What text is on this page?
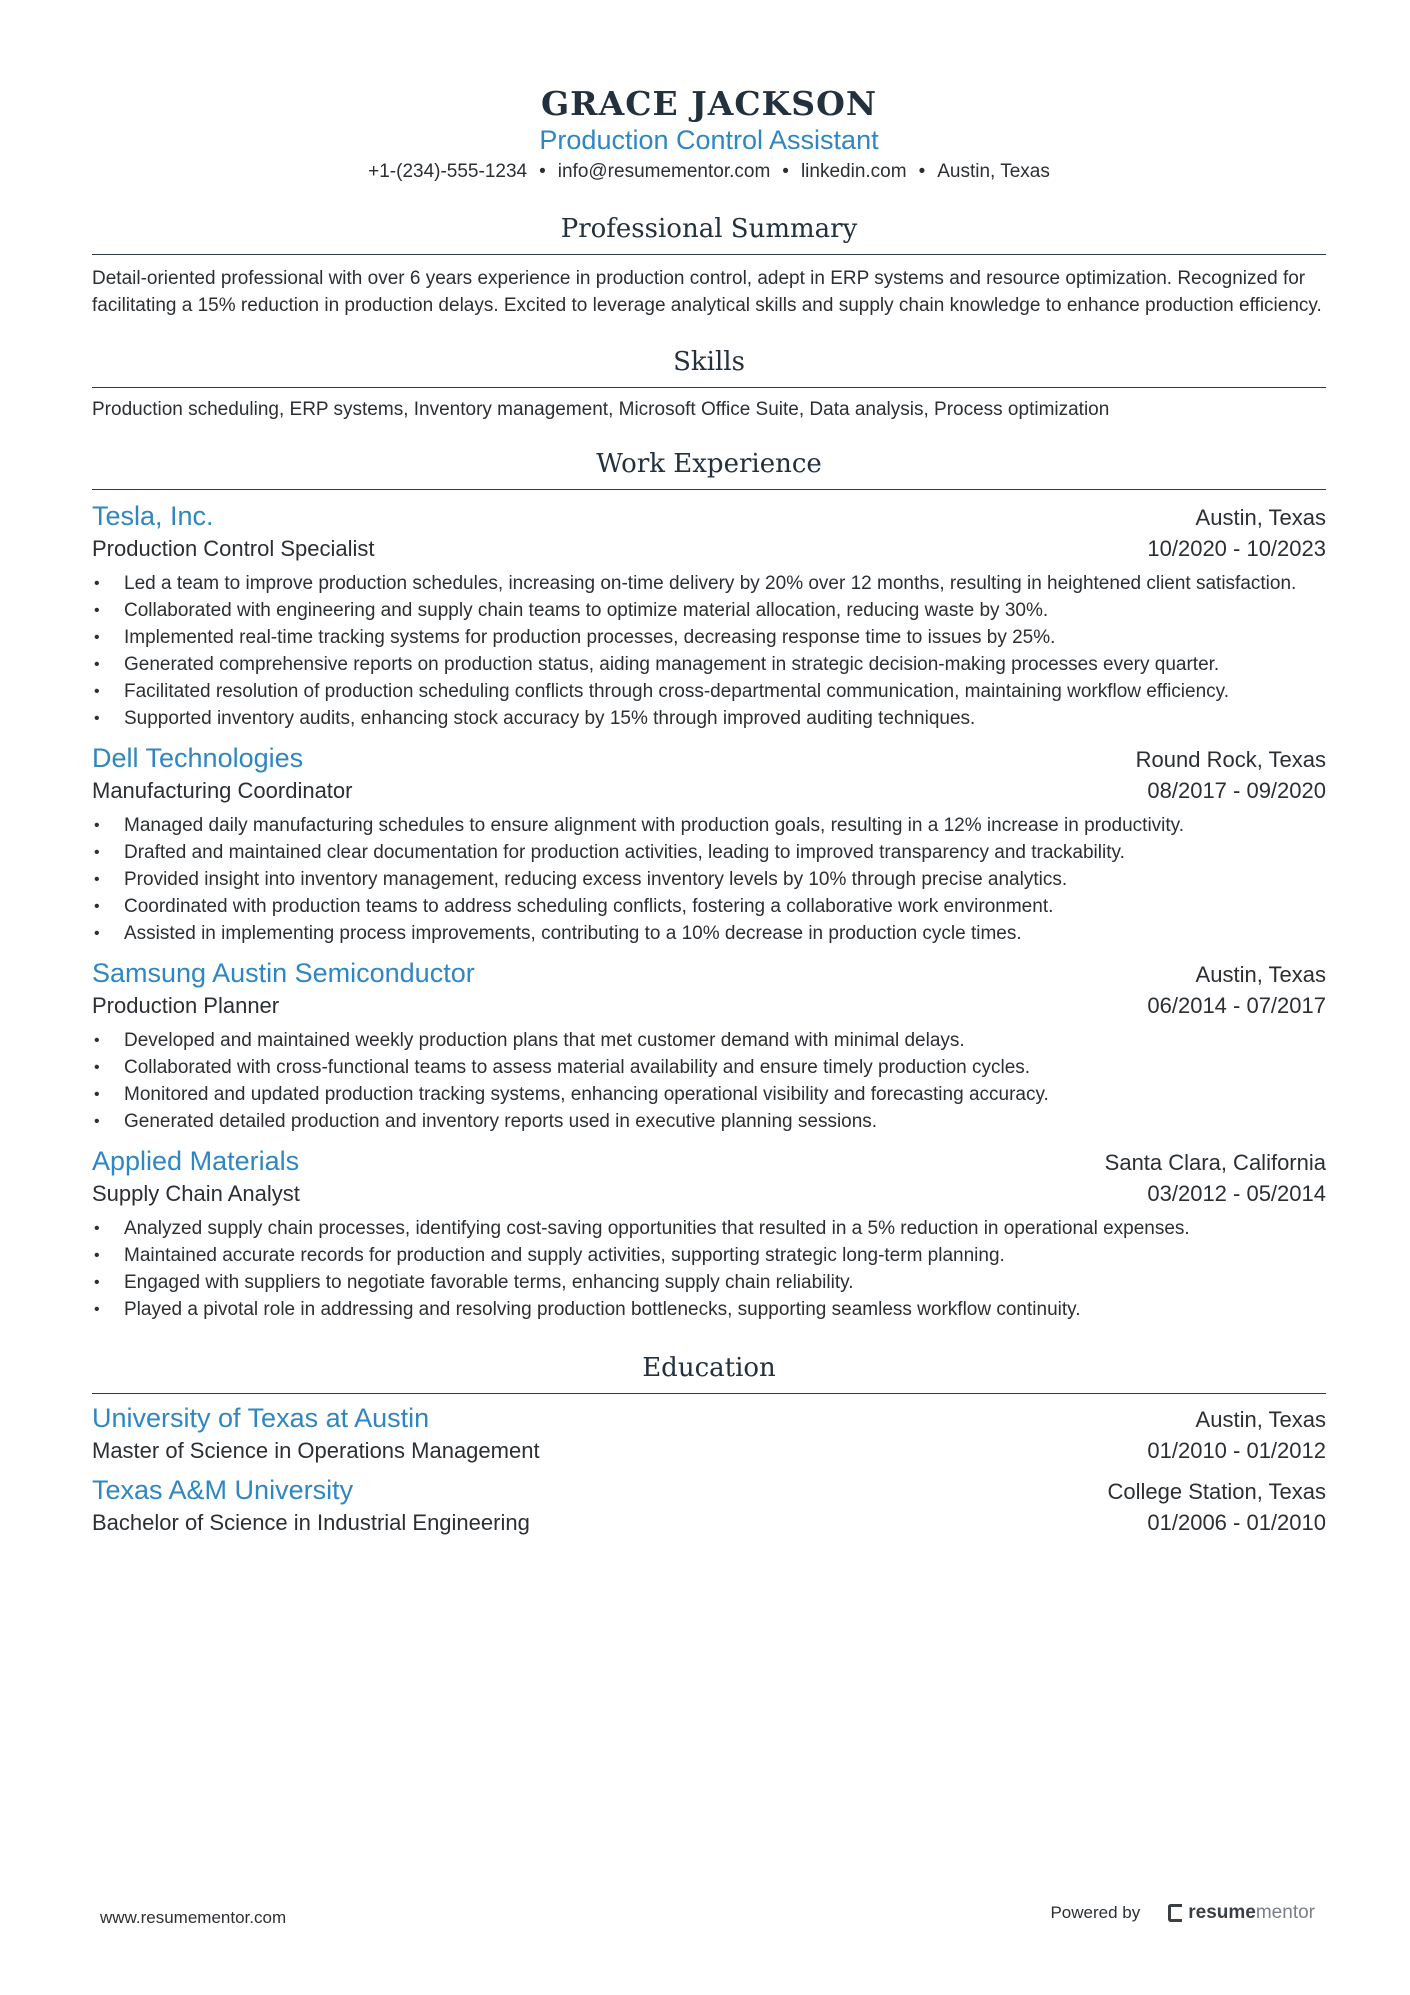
GRACE JACKSON
Production Control Assistant
+1-(234)-555-1234 • info@resumementor.com • linkedin.com • Austin, Texas
Professional Summary
Detail-oriented professional with over 6 years experience in production control, adept in ERP systems and resource optimization. Recognized for facilitating a 15% reduction in production delays. Excited to leverage analytical skills and supply chain knowledge to enhance production efficiency.
Skills
Production scheduling, ERP systems, Inventory management, Microsoft Office Suite, Data analysis, Process optimization
Work Experience
Tesla, Inc.	Austin, Texas
Production Control Specialist	10/2020 - 10/2023
• Led a team to improve production schedules, increasing on-time delivery by 20% over 12 months, resulting in heightened client satisfaction.
• Collaborated with engineering and supply chain teams to optimize material allocation, reducing waste by 30%.
• Implemented real-time tracking systems for production processes, decreasing response time to issues by 25%.
• Generated comprehensive reports on production status, aiding management in strategic decision-making processes every quarter.
• Facilitated resolution of production scheduling conflicts through cross-departmental communication, maintaining workflow efficiency.
• Supported inventory audits, enhancing stock accuracy by 15% through improved auditing techniques.
Dell Technologies	Round Rock, Texas
Manufacturing Coordinator	08/2017 - 09/2020
• Managed daily manufacturing schedules to ensure alignment with production goals, resulting in a 12% increase in productivity.
• Drafted and maintained clear documentation for production activities, leading to improved transparency and trackability.
• Provided insight into inventory management, reducing excess inventory levels by 10% through precise analytics.
• Coordinated with production teams to address scheduling conflicts, fostering a collaborative work environment.
• Assisted in implementing process improvements, contributing to a 10% decrease in production cycle times.
Samsung Austin Semiconductor	Austin, Texas
Production Planner	06/2014 - 07/2017
• Developed and maintained weekly production plans that met customer demand with minimal delays.
• Collaborated with cross-functional teams to assess material availability and ensure timely production cycles.
• Monitored and updated production tracking systems, enhancing operational visibility and forecasting accuracy.
• Generated detailed production and inventory reports used in executive planning sessions.
Applied Materials	Santa Clara, California
Supply Chain Analyst	03/2012 - 05/2014
• Analyzed supply chain processes, identifying cost-saving opportunities that resulted in a 5% reduction in operational expenses.
• Maintained accurate records for production and supply activities, supporting strategic long-term planning.
• Engaged with suppliers to negotiate favorable terms, enhancing supply chain reliability.
• Played a pivotal role in addressing and resolving production bottlenecks, supporting seamless workflow continuity.
Education
University of Texas at Austin	Austin, Texas
Master of Science in Operations Management	01/2010 - 01/2012
Texas A&M University	College Station, Texas
Bachelor of Science in Industrial Engineering	01/2006 - 01/2010
www.resumementor.com	Powered by	resume mentor
